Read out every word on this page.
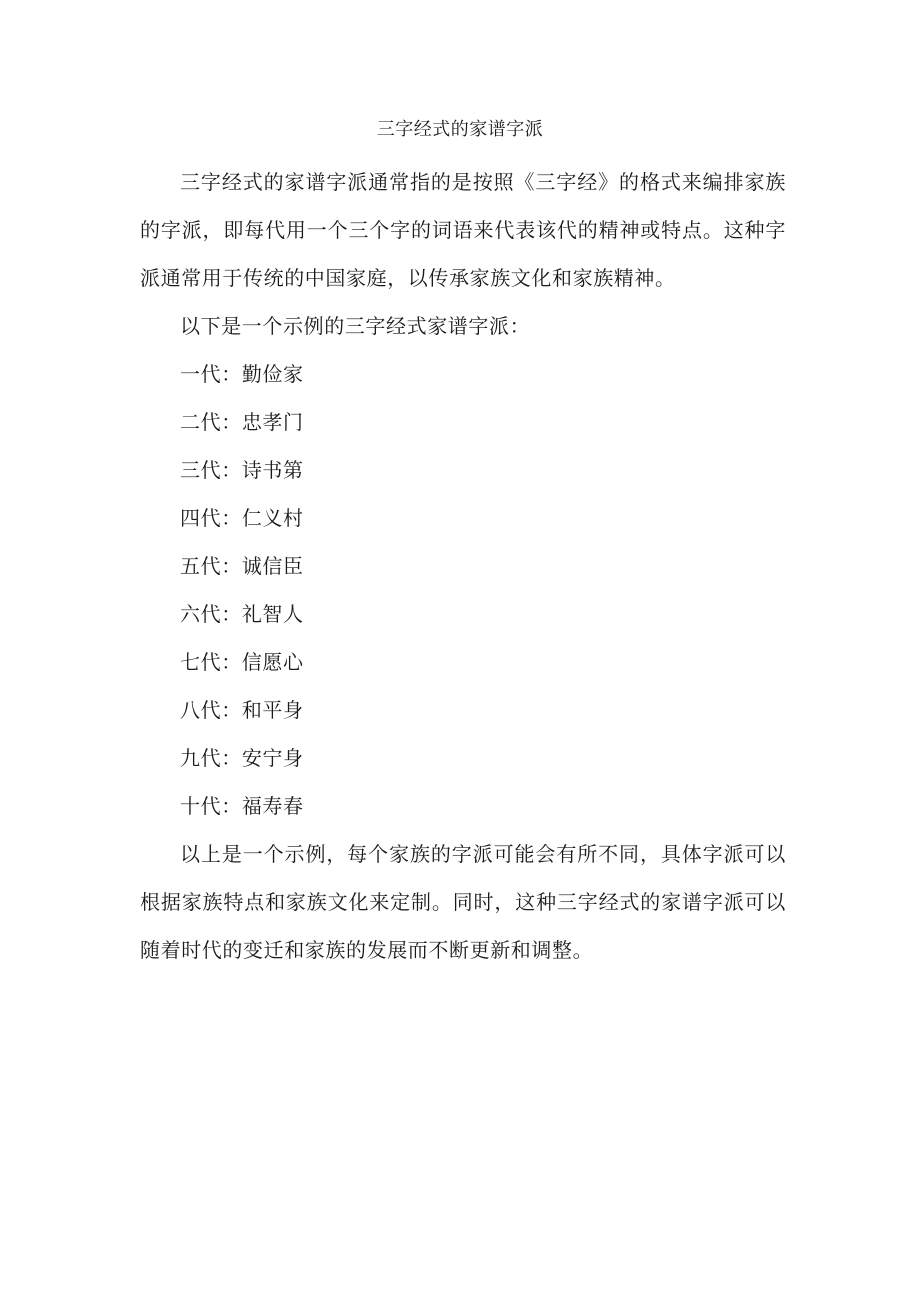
三字经式的家谱字派

三字经式的家谱字派通常指的是按照《三字经》的格式来编排家族的字派，即每代用一个三个字的词语来代表该代的精神或特点。这种字派通常用于传统的中国家庭，以传承家族文化和家族精神。

以下是一个示例的三字经式家谱字派：

一代：勤俭家
二代：忠孝门
三代：诗书第
四代：仁义村
五代：诚信臣
六代：礼智人
七代：信愿心
八代：和平身
九代：安宁身
十代：福寿春

以上是一个示例，每个家族的字派可能会有所不同，具体字派可以根据家族特点和家族文化来定制。同时，这种三字经式的家谱字派可以随着时代的变迁和家族的发展而不断更新和调整。
